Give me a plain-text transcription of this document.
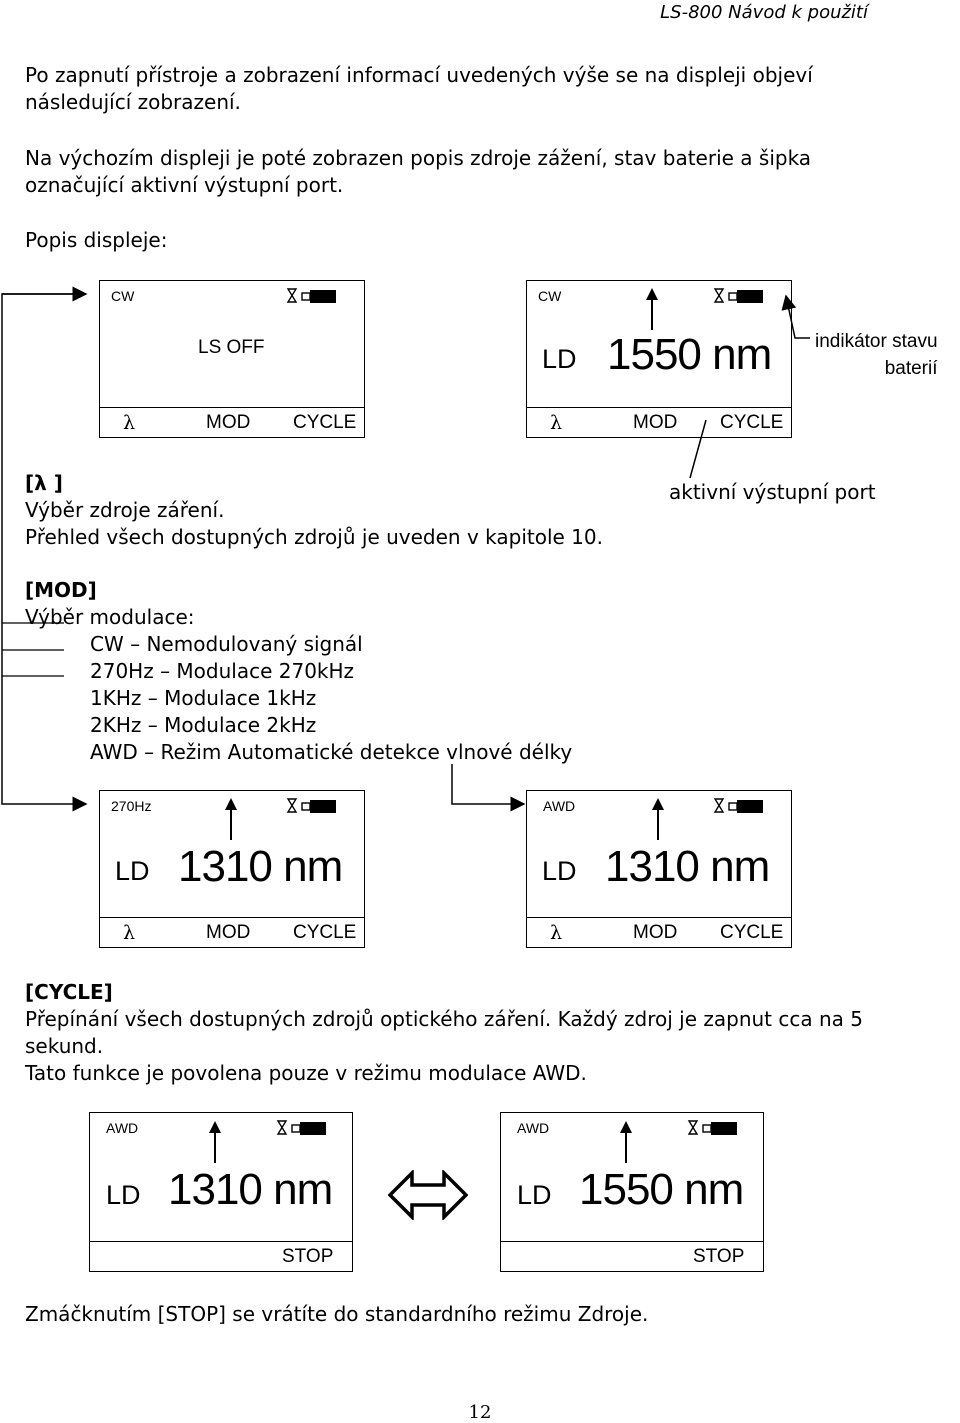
LS-800 Návod k použití
Po zapnutí přístroje a zobrazení informací uvedených výše se na displeji objeví
následující zobrazení.
Na výchozím displeji je poté zobrazen popis zdroje zážení, stav baterie a šipka
označující aktivní výstupní port.
Popis displeje:
CW
LS OFF
λ	MOD CYCLE
CW
LD 1550 nm
λ	MOD CYCLE
indikátor stavu
baterií
[λ ]
Výběr zdroje záření.
Přehled všech dostupných zdrojů je uveden v kapitole 10.
aktivní výstupní port
[MOD]
Výběr modulace:
CW – Nemodulovaný signál
270Hz – Modulace 270kHz
1KHz – Modulace 1kHz
2KHz – Modulace 2kHz
AWD – Režim Automatické detekce vlnové délky
270Hz
LD 1310 nm
λ	MOD CYCLE
AWD
LD 1310 nm
λ	MOD CYCLE
[CYCLE]
Přepínání všech dostupných zdrojů optického záření. Každý zdroj je zapnut cca na 5
sekund.
Tato funkce je povolena pouze v režimu modulace AWD.
AWD
LD 1310 nm
STOP
AWD
LD 1550 nm
STOP
Zmáčknutím [STOP] se vrátíte do standardního režimu Zdroje.
12
